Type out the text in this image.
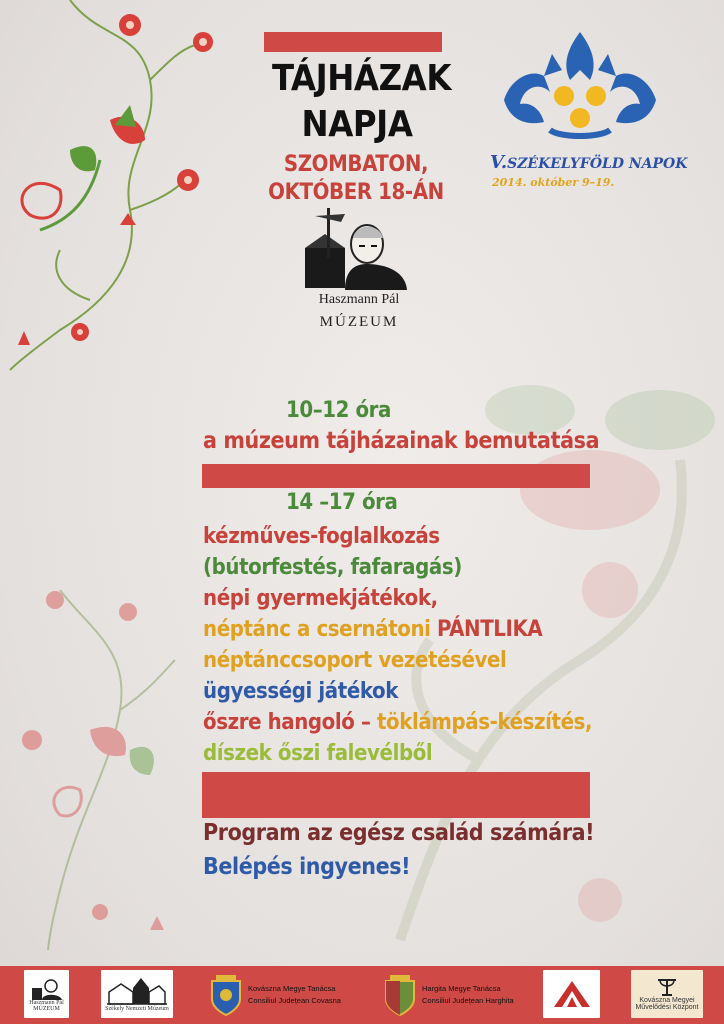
TÁJHÁZAK
NAPJA
SZOMBATON,
OKTÓBER 18-ÁN
Haszmann Pál
MÚZEUM
V.SZÉKELYFÖLD NAPOK
2014. október 9–19.
10–12 óra
a múzeum tájházainak bemutatása
14 –17 óra
kézműves-foglalkozás
(bútorfestés, fafaragás)
népi gyermekjátékok,
néptánc a csernátoni PÁNTLIKA
néptánccsoport vezetésével
ügyességi játékok
őszre hangoló – töklámpás-készítés,
díszek őszi falevélből
Program az egész család számára!
Belépés ingyenes!
Haszmann Pál
MÚZEUM	Székely Nemzeti Múzeum
Kovászna Megye Tanácsa
Consiliul Județean Covasna
Hargita Megye Tanácsa
Consiliul Județean Harghita	Kovászna Megyei
Művelődési Központ
